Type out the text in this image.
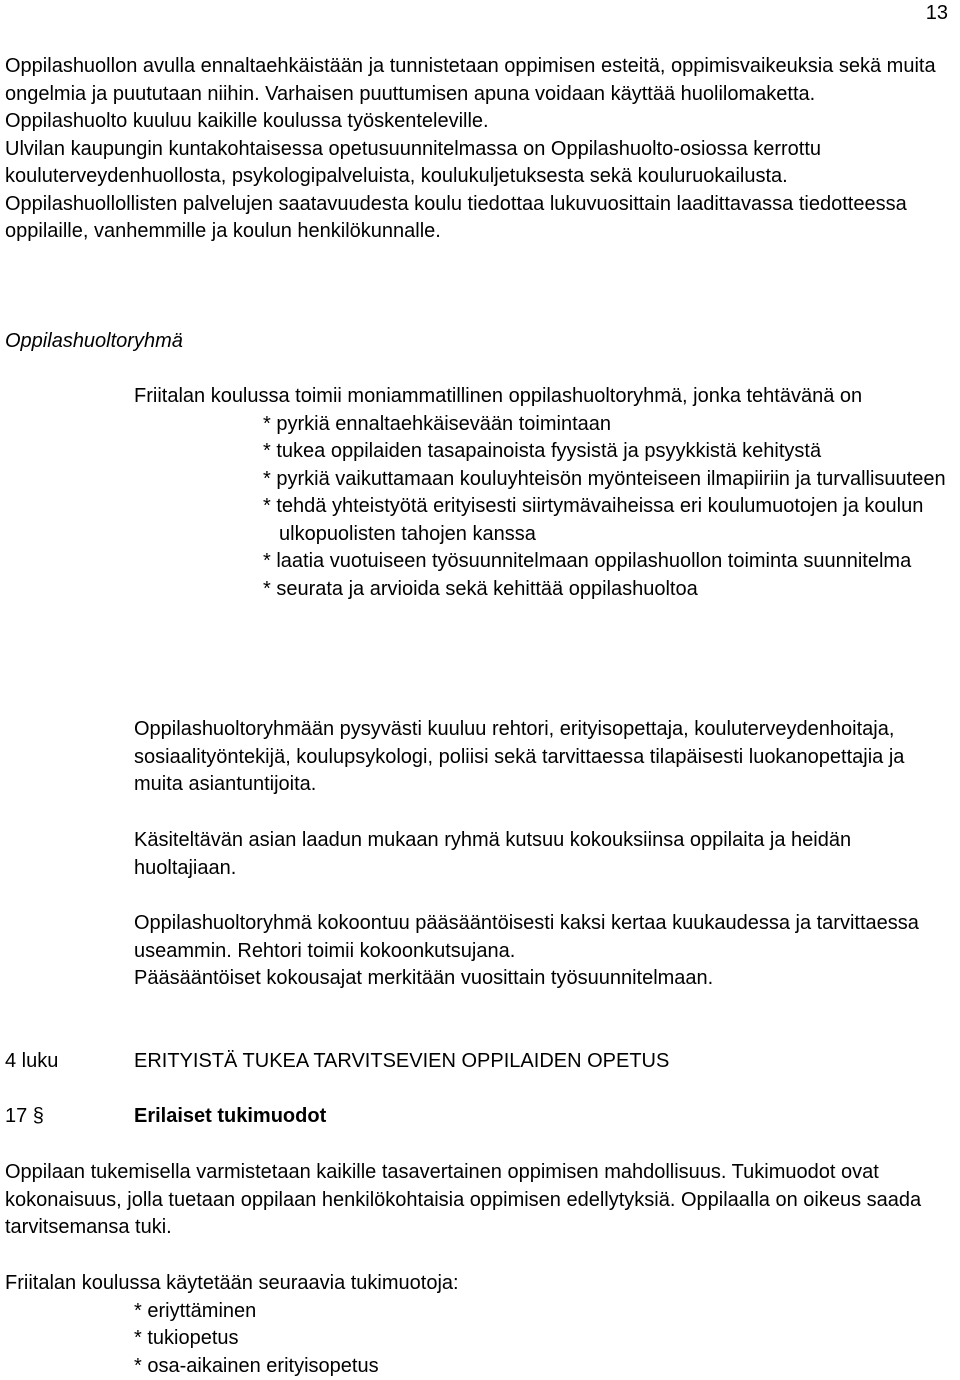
13

Oppilashuollon avulla ennaltaehkäistään ja tunnistetaan oppimisen esteitä, oppimisvaikeuksia sekä muita ongelmia ja puututaan niihin. Varhaisen puuttumisen apuna voidaan käyttää huolilomaketta.

Oppilashuolto kuuluu kaikille koulussa työskenteleville.

Ulvilan kaupungin kuntakohtaisessa opetusuunnitelmassa on Oppilashuolto-osiossa kerrottu kouluterveydenhuollosta, psykologipalveluista, koulukuljetuksesta sekä kouluruokailusta.

Oppilashuollollisten palvelujen saatavuudesta koulu tiedottaa lukuvuosittain laadittavassa tiedotteessa oppilaille, vanhemmille ja koulun henkilökunnalle.

Oppilashuoltoryhmä

Friitalan koulussa toimii moniammatillinen oppilashuoltoryhmä, jonka tehtävänä on

* pyrkiä ennaltaehkäisevään toimintaan
* tukea oppilaiden tasapainoista fyysistä ja psyykkistä kehitystä
* pyrkiä vaikuttamaan kouluyhteisön myönteiseen ilmapiiriin ja turvallisuuteen
* tehdä yhteistyötä erityisesti siirtymävaiheissa eri koulumuotojen ja koulun ulkopuolisten tahojen kanssa
* laatia vuotuiseen työsuunnitelmaan oppilashuollon toiminta suunnitelma
* seurata ja arvioida sekä kehittää oppilashuoltoa
Oppilashuoltoryhmään pysyvästi kuuluu rehtori, erityisopettaja, kouluterveydenhoitaja, sosiaalityöntekijä, koulupsykologi, poliisi sekä tarvittaessa tilapäisesti luokanopettajia ja muita asiantuntijoita.
Käsiteltävän asian laadun mukaan ryhmä kutsuu kokouksiinsa oppilaita ja heidän huoltajiaan.

Oppilashuoltoryhmä kokoontuu pääsääntöisesti kaksi kertaa kuukaudessa ja tarvittaessa useammin. Rehtori toimii kokoonkutsujana.

Pääsääntöiset kokousajat merkitään vuosittain työsuunnitelmaan.

4 luku	ERITYISTÄ TUKEA TARVITSEVIEN OPPILAIDEN OPETUS
17 §	Erilaiset tukimuodot
Oppilaan tukemisella varmistetaan kaikille tasavertainen oppimisen mahdollisuus. Tukimuodot ovat kokonaisuus, jolla tuetaan oppilaan henkilökohtaisia oppimisen edellytyksiä. Oppilaalla on oikeus saada tarvitsemansa tuki.

Friitalan koulussa käytetään seuraavia tukimuotoja:

* eriyttäminen
* tukiopetus
* osa-aikainen erityisopetus
